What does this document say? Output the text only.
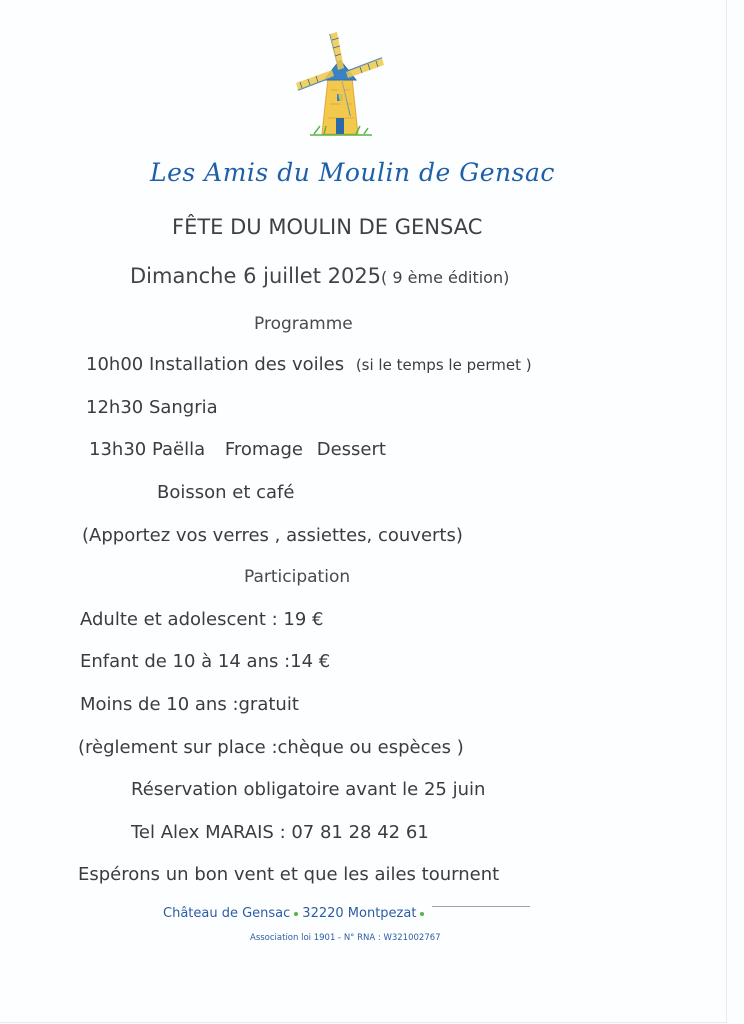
Les Amis du Moulin de Gensac
FÊTE DU MOULIN DE GENSAC
Dimanche 6 juillet 2025( 9 ème édition)
Programme
10h00 Installation des voiles (si le temps le permet )
12h30 Sangria
13h30 Paëlla Fromage Dessert
Boisson et café
(Apportez vos verres , assiettes, couverts)
Participation
Adulte et adolescent : 19 €
Enfant de 10 à 14 ans :14 €
Moins de 10 ans :gratuit
(règlement sur place :chèque ou espèces )
Réservation obligatoire avant le 25 juin
Tel Alex MARAIS : 07 81 28 42 61
Espérons un bon vent et que les ailes tournent
Château de Gensac 32220 Montpezat
Association loi 1901 - N° RNA : W321002767
